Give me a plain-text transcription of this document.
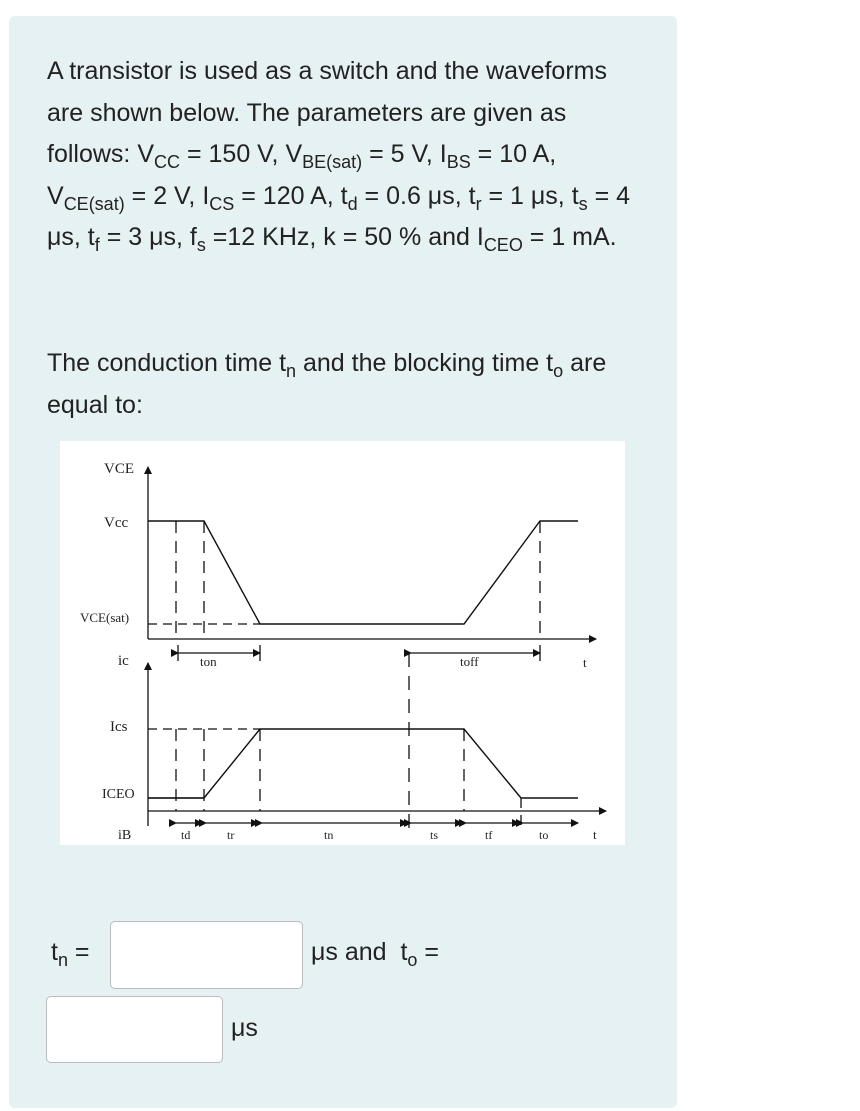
A transistor is used as a switch and the waveforms are shown below. The parameters are given as follows: $V_{CC} = 150$ V, $V_{BE(sat)} = 5$ V, $I_{BS} = 10$ A, $V_{CE(sat)} = 2$ V, $I_{CS} = 120$ A, $t_d = 0.6$ μs, $t_r = 1$ μs, $t_s = 4$ μs, $t_f = 3$ μs, $f_s =12$ KHz, k = 50 % and $I_{CEO} = 1$ mA.
The conduction time $t_n$ and the blocking time $t_o$ are equal to:
VCE
Vcc
VCE(sat)
ic	ton	toff	t
Ics
ICEO
iB	td	tr	tn	ts	tf	to	t
$t_n$ =	μs and $t_o$ =
μs
